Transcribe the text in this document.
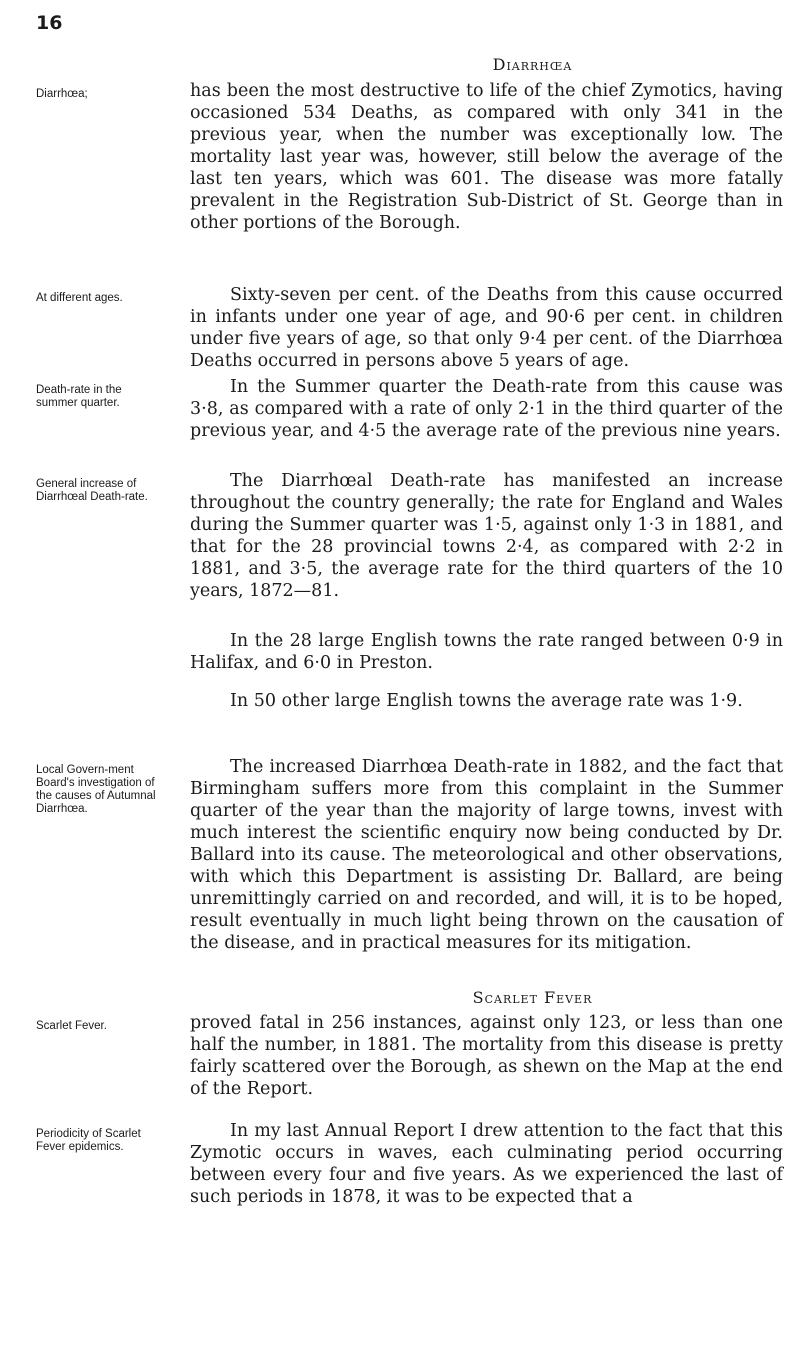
16
Diarrhœa
Diarrhœa;	has been the most destructive to life of the chief Zymotics, having occasioned 534 Deaths, as compared with only 341 in the previous year, when the number was exceptionally low. The mortality last year was, however, still below the average of the last ten years, which was 601. The disease was more fatally prevalent in the Registration Sub-District of St. George than in other portions of the Borough.

At different ages.	Sixty-seven per cent. of the Deaths from this cause occurred in infants under one year of age, and 90·6 per cent. in children under five years of age, so that only 9·4 per cent. of the Diarrhœa Deaths occurred in persons above 5 years of age.

Death-rate in the summer quarter.

In the Summer quarter the Death-rate from this cause was 3·8, as compared with a rate of only 2·1 in the third quarter of the previous year, and 4·5 the average rate of the previous nine years.

General increase of Diarrhœal Death-rate.

The Diarrhœal Death-rate has manifested an increase throughout the country generally; the rate for England and Wales during the Summer quarter was 1·5, against only 1·3 in 1881, and that for the 28 provincial towns 2·4, as compared with 2·2 in 1881, and 3·5, the average rate for the third quarters of the 10 years, 1872—81.

In the 28 large English towns the rate ranged between 0·9 in Halifax, and 6·0 in Preston.

In 50 other large English towns the average rate was 1·9.

Local Govern-ment Board's investigation of the causes of Autumnal Diarrhœa.

The increased Diarrhœa Death-rate in 1882, and the fact that Birmingham suffers more from this complaint in the Summer quarter of the year than the majority of large towns, invest with much interest the scientific enquiry now being conducted by Dr. Ballard into its cause. The meteorological and other observations, with which this Department is assisting Dr. Ballard, are being unremittingly carried on and recorded, and will, it is to be hoped, result eventually in much light being thrown on the causation of the disease, and in practical measures for its mitigation.

Scarlet Fever
Scarlet Fever.	proved fatal in 256 instances, against only 123, or less than one half the number, in 1881. The mortality from this disease is pretty fairly scattered over the Borough, as shewn on the Map at the end of the Report.

Periodicity of Scarlet Fever epidemics.

In my last Annual Report I drew attention to the fact that this Zymotic occurs in waves, each culminating period occurring between every four and five years. As we experienced the last of such periods in 1878, it was to be expected that a
